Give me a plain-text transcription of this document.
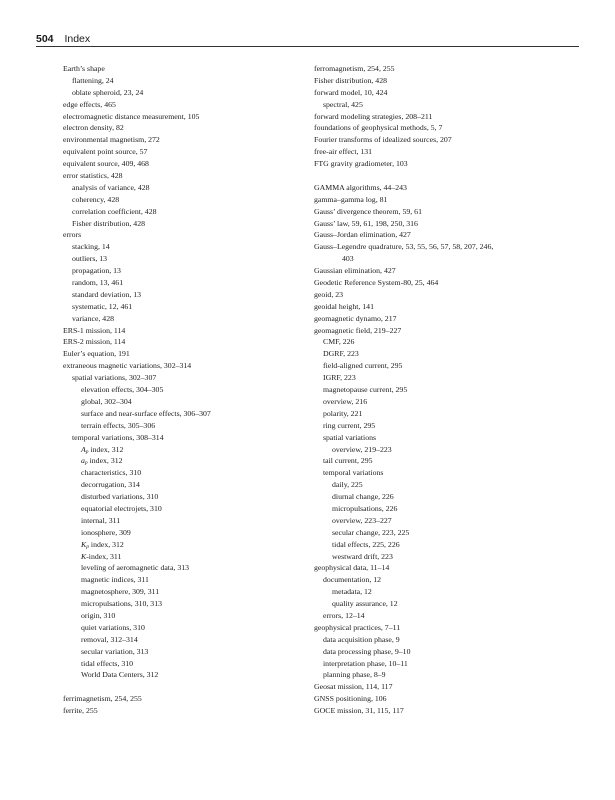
504 Index
Earth’s shape
flattening, 24
oblate spheroid, 23, 24
edge effects, 465
electromagnetic distance measurement, 105
electron density, 82
environmental magnetism, 272
equivalent point source, 57
equivalent source, 409, 468
error statistics, 428
analysis of variance, 428
coherency, 428
correlation coefficient, 428
Fisher distribution, 428
errors
stacking, 14
outliers, 13
propagation, 13
random, 13, 461
standard deviation, 13
systematic, 12, 461
variance, 428
ERS-1 mission, 114
ERS-2 mission, 114
Euler’s equation, 191
extraneous magnetic variations, 302–314
spatial variations, 302–307
elevation effects, 304–305
global, 302–304
surface and near-surface effects, 306–307
terrain effects, 305–306
temporal variations, 308–314
$A_p$ index, 312
$a_p$ index, 312
characteristics, 310
decorrugation, 314
disturbed variations, 310
equatorial electrojets, 310
internal, 311
ionosphere, 309
$K_p$ index, 312
K-index, 311
leveling of aeromagnetic data, 313
magnetic indices, 311
magnetosphere, 309, 311
micropulsations, 310, 313
origin, 310
quiet variations, 310
removal, 312–314
secular variation, 313
tidal effects, 310
World Data Centers, 312
ferrimagnetism, 254, 255
ferrite, 255
ferromagnetism, 254, 255
Fisher distribution, 428
forward model, 10, 424
spectral, 425
forward modeling strategies, 208–211
foundations of geophysical methods, 5, 7
Fourier transforms of idealized sources, 207
free-air effect, 131
FTG gravity gradiometer, 103
GAMMA algorithms, 44–243
gamma–gamma log, 81
Gauss’ divergence theorem, 59, 61
Gauss’ law, 59, 61, 198, 250, 316
Gauss–Jordan elimination, 427
Gauss–Legendre quadrature, 53, 55, 56, 57, 58, 207, 246,
403
Gaussian elimination, 427
Geodetic Reference System-80, 25, 464
geoid, 23
geoidal height, 141
geomagnetic dynamo, 217
geomagnetic field, 219–227
CMF, 226
DGRF, 223
field-aligned current, 295
IGRF, 223
magnetopause current, 295
overview, 216
polarity, 221
ring current, 295
spatial variations
overview, 219–223
tail current, 295
temporal variations
daily, 225
diurnal change, 226
micropulsations, 226
overview, 223–227
secular change, 223, 225
tidal effects, 225, 226
westward drift, 223
geophysical data, 11–14
documentation, 12
metadata, 12
quality assurance, 12
errors, 12–14
geophysical practices, 7–11
data acquisition phase, 9
data processing phase, 9–10
interpretation phase, 10–11
planning phase, 8–9
Geosat mission, 114, 117
GNSS positioning, 106
GOCE mission, 31, 115, 117
